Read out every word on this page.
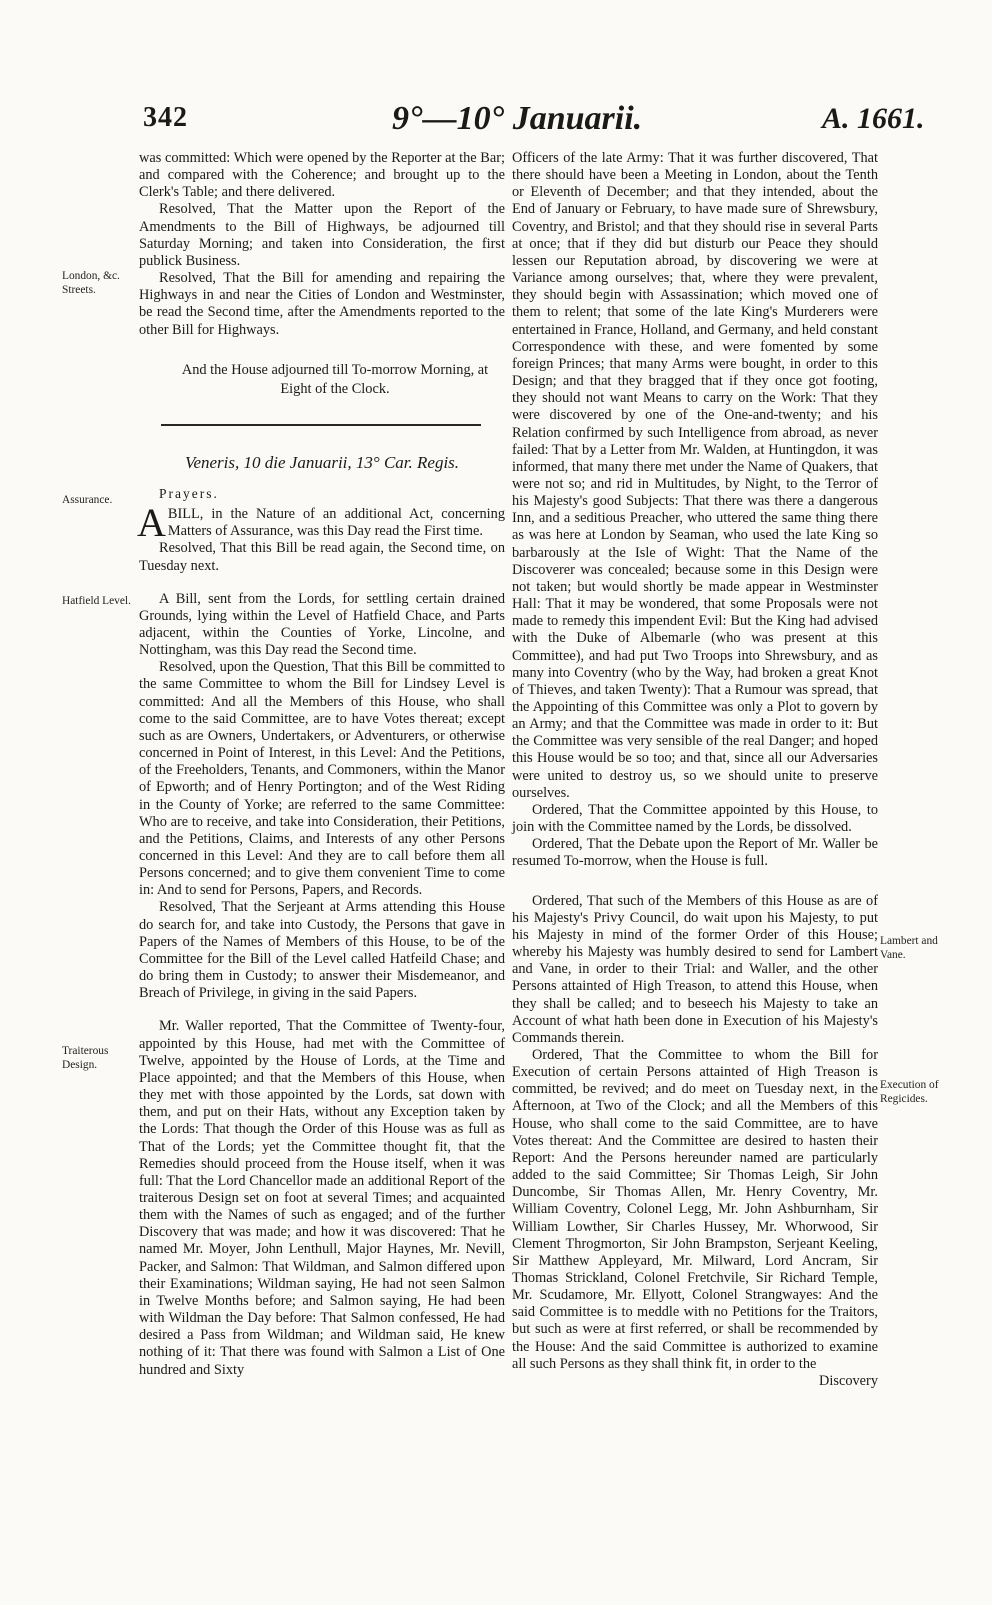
342	9°—10° Januarii.	A. 1661.
London, &c. Streets.
Assurance.
Hatfield Level.
Traiterous Design.
Lambert and Vane.
Execution of Regicides.

was committed: Which were opened by the Reporter at the Bar; and compared with the Coherence; and brought up to the Clerk's Table; and there delivered.

Resolved, That the Matter upon the Report of the Amendments to the Bill of Highways, be adjourned till Saturday Morning; and taken into Consideration, the first publick Business.

Resolved, That the Bill for amending and repairing the Highways in and near the Cities of London and Westminster, be read the Second time, after the Amendments reported to the other Bill for Highways.

And the House adjourned till To-morrow Morning, at Eight of the Clock.

Veneris, 10 die Januarii, 13° Car. Regis.

Prayers.

ABILL, in the Nature of an additional Act, concerning Matters of Assurance, was this Day read the First time.

Resolved, That this Bill be read again, the Second time, on Tuesday next.

A Bill, sent from the Lords, for settling certain drained Grounds, lying within the Level of Hatfield Chace, and Parts adjacent, within the Counties of Yorke, Lincolne, and Nottingham, was this Day read the Second time.

Resolved, upon the Question, That this Bill be committed to the same Committee to whom the Bill for Lindsey Level is committed: And all the Members of this House, who shall come to the said Committee, are to have Votes thereat; except such as are Owners, Undertakers, or Adventurers, or otherwise concerned in Point of Interest, in this Level: And the Petitions, of the Freeholders, Tenants, and Commoners, within the Manor of Epworth; and of Henry Portington; and of the West Riding in the County of Yorke; are referred to the same Committee: Who are to receive, and take into Consideration, their Petitions, and the Petitions, Claims, and Interests of any other Persons concerned in this Level: And they are to call before them all Persons concerned; and to give them convenient Time to come in: And to send for Persons, Papers, and Records.

Resolved, That the Serjeant at Arms attending this House do search for, and take into Custody, the Persons that gave in Papers of the Names of Members of this House, to be of the Committee for the Bill of the Level called Hatfeild Chase; and do bring them in Custody; to answer their Misdemeanor, and Breach of Privilege, in giving in the said Papers.

Mr. Waller reported, That the Committee of Twenty-four, appointed by this House, had met with the Committee of Twelve, appointed by the House of Lords, at the Time and Place appointed; and that the Members of this House, when they met with those appointed by the Lords, sat down with them, and put on their Hats, without any Exception taken by the Lords: That though the Order of this House was as full as That of the Lords; yet the Committee thought fit, that the Remedies should proceed from the House itself, when it was full: That the Lord Chancellor made an additional Report of the traiterous Design set on foot at several Times; and acquainted them with the Names of such as engaged; and of the further Discovery that was made; and how it was discovered: That he named Mr. Moyer, John Lenthull, Major Haynes, Mr. Nevill, Packer, and Salmon: That Wildman, and Salmon differed upon their Examinations; Wildman saying, He had not seen Salmon in Twelve Months before; and Salmon saying, He had been with Wildman the Day before: That Salmon confessed, He had desired a Pass from Wildman; and Wildman said, He knew nothing of it: That there was found with Salmon a List of One hundred and Sixty

Officers of the late Army: That it was further discovered, That there should have been a Meeting in London, about the Tenth or Eleventh of December; and that they intended, about the End of January or February, to have made sure of Shrewsbury, Coventry, and Bristol; and that they should rise in several Parts at once; that if they did but disturb our Peace they should lessen our Reputation abroad, by discovering we were at Variance among ourselves; that, where they were prevalent, they should begin with Assassination; which moved one of them to relent; that some of the late King's Murderers were entertained in France, Holland, and Germany, and held constant Correspondence with these, and were fomented by some foreign Princes; that many Arms were bought, in order to this Design; and that they bragged that if they once got footing, they should not want Means to carry on the Work: That they were discovered by one of the One-and-twenty; and his Relation confirmed by such Intelligence from abroad, as never failed: That by a Letter from Mr. Walden, at Huntingdon, it was informed, that many there met under the Name of Quakers, that were not so; and rid in Multitudes, by Night, to the Terror of his Majesty's good Subjects: That there was there a dangerous Inn, and a seditious Preacher, who uttered the same thing there as was here at London by Seaman, who used the late King so barbarously at the Isle of Wight: That the Name of the Discoverer was concealed; because some in this Design were not taken; but would shortly be made appear in Westminster Hall: That it may be wondered, that some Proposals were not made to remedy this impendent Evil: But the King had advised with the Duke of Albemarle (who was present at this Committee), and had put Two Troops into Shrewsbury, and as many into Coventry (who by the Way, had broken a great Knot of Thieves, and taken Twenty): That a Rumour was spread, that the Appointing of this Committee was only a Plot to govern by an Army; and that the Committee was made in order to it: But the Committee was very sensible of the real Danger; and hoped this House would be so too; and that, since all our Adversaries were united to destroy us, so we should unite to preserve ourselves.

Ordered, That the Committee appointed by this House, to join with the Committee named by the Lords, be dissolved.

Ordered, That the Debate upon the Report of Mr. Waller be resumed To-morrow, when the House is full.

Ordered, That such of the Members of this House as are of his Majesty's Privy Council, do wait upon his Majesty, to put his Majesty in mind of the former Order of this House; whereby his Majesty was humbly desired to send for Lambert and Vane, in order to their Trial: and Waller, and the other Persons attainted of High Treason, to attend this House, when they shall be called; and to beseech his Majesty to take an Account of what hath been done in Execution of his Majesty's Commands therein.

Ordered, That the Committee to whom the Bill for Execution of certain Persons attainted of High Treason is committed, be revived; and do meet on Tuesday next, in the Afternoon, at Two of the Clock; and all the Members of this House, who shall come to the said Committee, are to have Votes thereat: And the Committee are desired to hasten their Report: And the Persons hereunder named are particularly added to the said Committee; Sir Thomas Leigh, Sir John Duncombe, Sir Thomas Allen, Mr. Henry Coventry, Mr. William Coventry, Colonel Legg, Mr. John Ashburnham, Sir William Lowther, Sir Charles Hussey, Mr. Whorwood, Sir Clement Throgmorton, Sir John Brampston, Serjeant Keeling, Sir Matthew Appleyard, Mr. Milward, Lord Ancram, Sir Thomas Strickland, Colonel Fretchvile, Sir Richard Temple, Mr. Scudamore, Mr. Ellyott, Colonel Strangwayes: And the said Committee is to meddle with no Petitions for the Traitors, but such as were at first referred, or shall be recommended by the House: And the said Committee is authorized to examine all such Persons as they shall think fit, in order to the

Discovery
